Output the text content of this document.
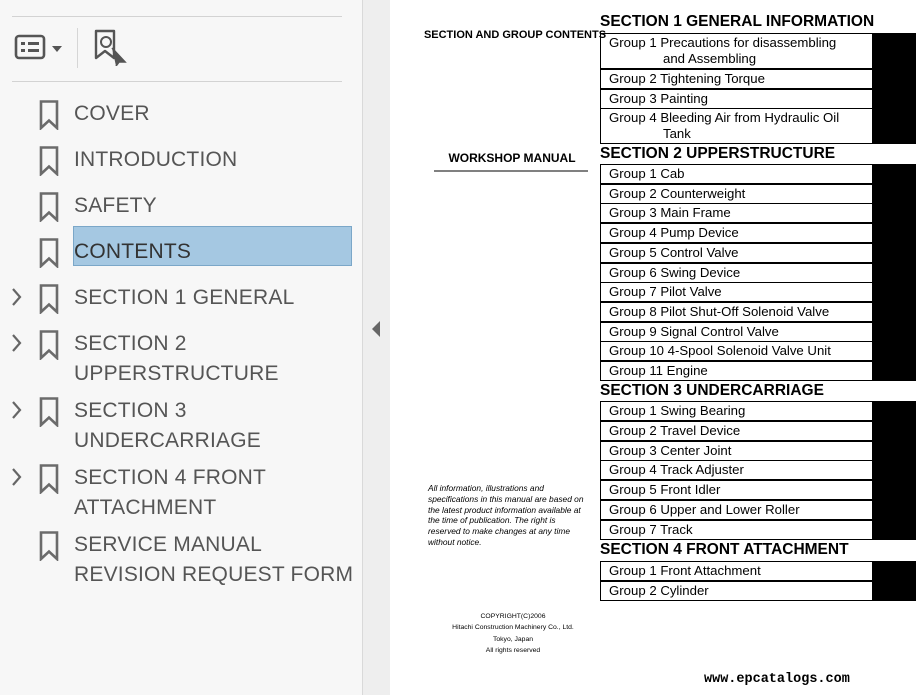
COVER
INTRODUCTION
SAFETY
CONTENTS
SECTION 1 GENERAL
SECTION 2 UPPERSTRUCTURE
SECTION 3 UNDERCARRIAGE
SECTION 4 FRONT ATTACHMENT
SERVICE MANUAL REVISION REQUEST FORM
SECTION AND GROUP CONTENTS
WORKSHOP MANUAL
All information, illustrations and specifications in this manual are based on the latest product information available at the time of publication. The right is reserved to make changes at any time without notice.
COPYRIGHT(C)2006
Hitachi Construction Machinery Co., Ltd.
Tokyo, Japan
All rights reserved
SECTION 1 GENERAL INFORMATION
Group 1 Precautions for disassembling
and Assembling
Group 2 Tightening Torque
Group 3 Painting
Group 4 Bleeding Air from Hydraulic Oil
Tank
SECTION 2 UPPERSTRUCTURE
Group 1 Cab
Group 2 Counterweight
Group 3 Main Frame
Group 4 Pump Device
Group 5 Control Valve
Group 6 Swing Device
Group 7 Pilot Valve
Group 8 Pilot Shut-Off Solenoid Valve
Group 9 Signal Control Valve
Group 10 4-Spool Solenoid Valve Unit
Group 11 Engine
SECTION 3 UNDERCARRIAGE
Group 1 Swing Bearing
Group 2 Travel Device
Group 3 Center Joint
Group 4 Track Adjuster
Group 5 Front Idler
Group 6 Upper and Lower Roller
Group 7 Track
SECTION 4 FRONT ATTACHMENT
Group 1 Front Attachment
Group 2 Cylinder
www.epcatalogs.com
